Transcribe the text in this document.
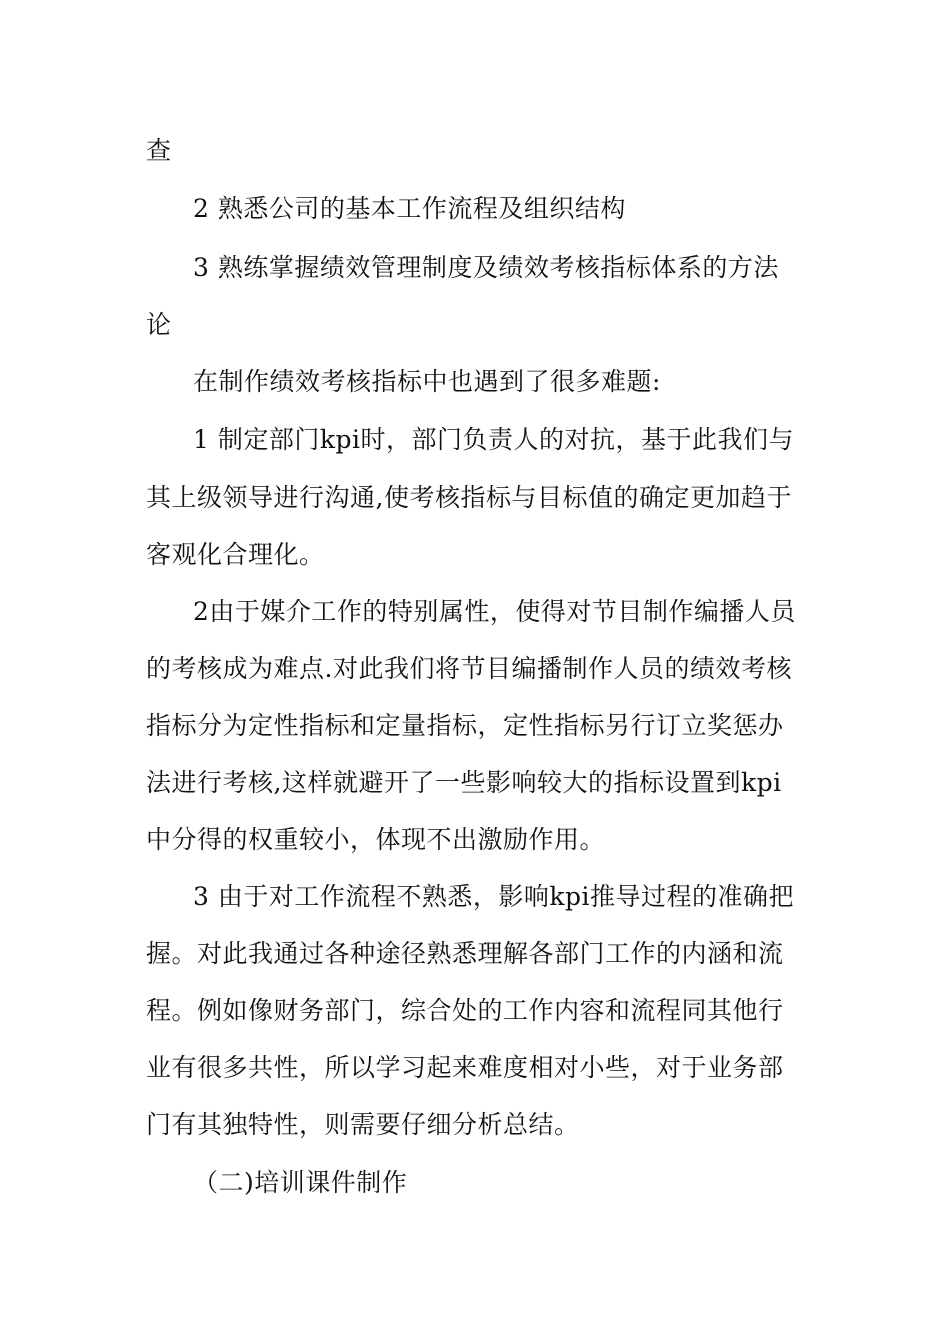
查
2 熟悉公司的基本工作流程及组织结构
3 熟练掌握绩效管理制度及绩效考核指标体系的方法
论
在制作绩效考核指标中也遇到了很多难题:
1 制定部门kpi时，部门负责人的对抗，基于此我们与
其上级领导进行沟通,使考核指标与目标值的确定更加趋于
客观化合理化。
2由于媒介工作的特别属性，使得对节目制作编播人员
的考核成为难点.对此我们将节目编播制作人员的绩效考核
指标分为定性指标和定量指标，定性指标另行订立奖惩办
法进行考核,这样就避开了一些影响较大的指标设置到kpi
中分得的权重较小，体现不出激励作用。
3 由于对工作流程不熟悉，影响kpi推导过程的准确把
握。对此我通过各种途径熟悉理解各部门工作的内涵和流
程。例如像财务部门，综合处的工作内容和流程同其他行
业有很多共性，所以学习起来难度相对小些，对于业务部
门有其独特性，则需要仔细分析总结。
（二)培训课件制作
